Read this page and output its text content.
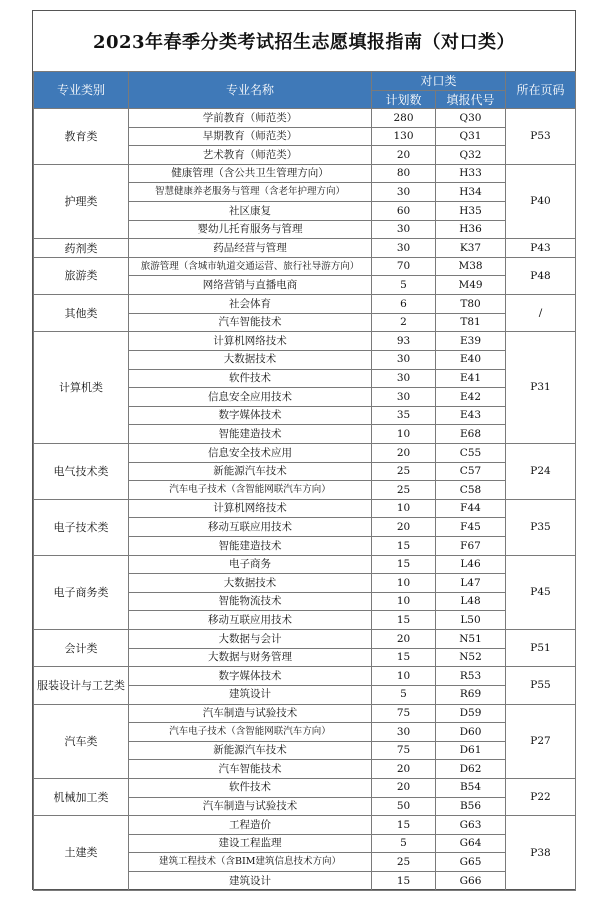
2023年春季分类考试招生志愿填报指南（对口类）
专业类别	专业名称	对口类		所在页码
		计划数	填报代号	
教育类	学前教育（师范类）	280	Q30	P53
	早期教育（师范类）	130	Q31	
	艺术教育（师范类）	20	Q32	
护理类	健康管理（含公共卫生管理方向）	80	H33	P40
	智慧健康养老服务与管理（含老年护理方向）	30	H34	
	社区康复	60	H35	
	婴幼儿托育服务与管理	30	H36	
药剂类	药品经营与管理	30	K37	P43
旅游类	旅游管理（含城市轨道交通运营、旅行社导游方向）	70	M38	P48
	网络营销与直播电商	5	M49	
其他类	社会体育	6	T80	/
	汽车智能技术	2	T81	
计算机类	计算机网络技术	93	E39	P31
	大数据技术	30	E40	
	软件技术	30	E41	
	信息安全应用技术	30	E42	
	数字媒体技术	35	E43	
	智能建造技术	10	E68	
电气技术类	信息安全技术应用	20	C55	P24
	新能源汽车技术	25	C57	
	汽车电子技术（含智能网联汽车方向）	25	C58	
电子技术类	计算机网络技术	10	F44	P35
	移动互联应用技术	20	F45	
	智能建造技术	15	F67	
电子商务类	电子商务	15	L46	P45
	大数据技术	10	L47	
	智能物流技术	10	L48	
	移动互联应用技术	15	L50	
会计类	大数据与会计	20	N51	P51
	大数据与财务管理	15	N52	
服装设计与工艺类	数字媒体技术	10	R53	P55
	建筑设计	5	R69	
汽车类	汽车制造与试验技术	75	D59	P27
	汽车电子技术（含智能网联汽车方向）	30	D60	
	新能源汽车技术	75	D61	
	汽车智能技术	20	D62	
机械加工类	软件技术	20	B54	P22
	汽车制造与试验技术	50	B56	
土建类	工程造价	15	G63	P38
	建设工程监理	5	G64	
	建筑工程技术（含BIM建筑信息技术方向）	25	G65	
	建筑设计	15	G66	
